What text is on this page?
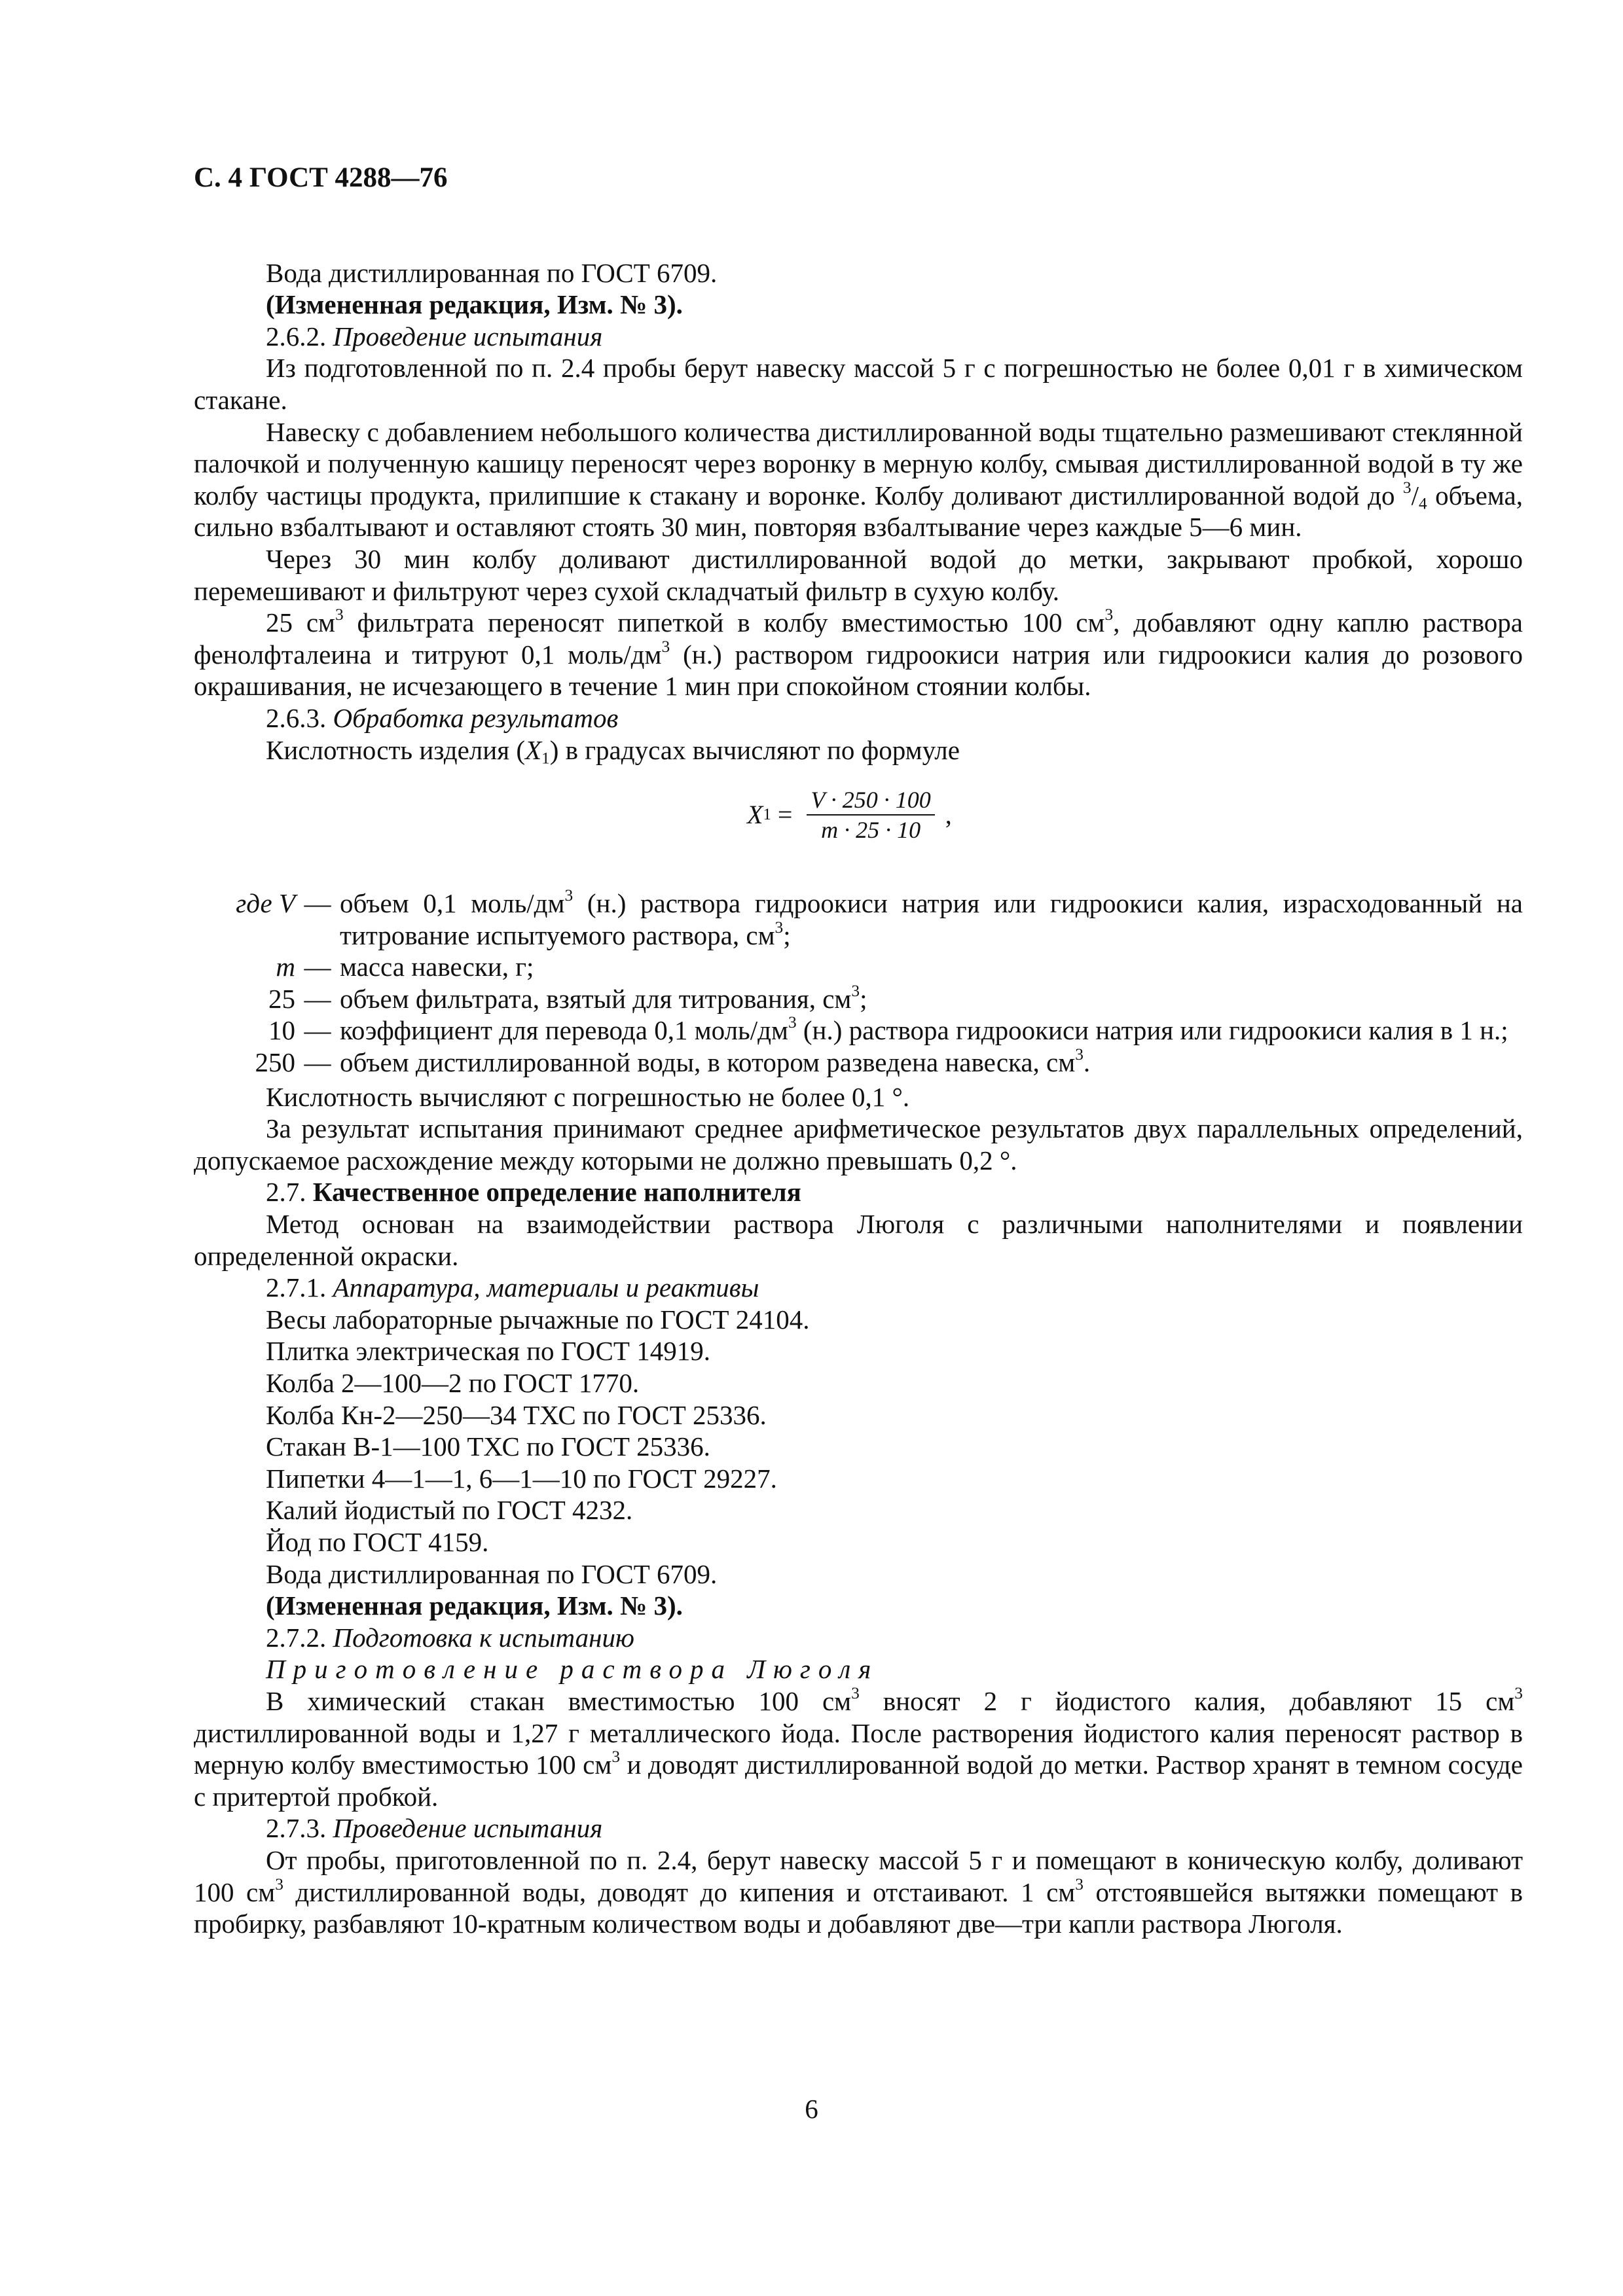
С. 4 ГОСТ 4288—76

Вода дистиллированная по ГОСТ 6709.

(Измененная редакция, Изм. № 3).

2.6.2. Проведение испытания

Из подготовленной по п. 2.4 пробы берут навеску массой 5 г с погрешностью не более 0,01 г в химическом стакане.

Навеску с добавлением небольшого количества дистиллированной воды тщательно размешивают стеклянной палочкой и полученную кашицу переносят через воронку в мерную колбу, смывая дистиллированной водой в ту же колбу частицы продукта, прилипшие к стакану и воронке. Колбу доливают дистиллированной водой до $^3/_4$ объема, сильно взбалтывают и оставляют стоять 30 мин, повторяя взбалтывание через каждые 5—6 мин.

Через 30 мин колбу доливают дистиллированной водой до метки, закрывают пробкой, хорошо перемешивают и фильтруют через сухой складчатый фильтр в сухую колбу.

25 $см^3$ фильтрата переносят пипеткой в колбу вместимостью 100 $см^3$, добавляют одну каплю раствора фенолфталеина и титруют 0,1 моль/$дм^3$ (н.) раствором гидроокиси натрия или гидроокиси калия до розового окрашивания, не исчезающего в течение 1 мин при спокойном стоянии колбы.

2.6.3. Обработка результатов

Кислотность изделия $(X_1)$ в градусах вычисляют по формуле

X $1 = \frac{V \cdot 250 \cdot 100}{m \cdot 25 \cdot 10}$ ,
где V — объем 0,1 моль/$дм^3$ (н.) раствора гидроокиси натрия или гидроокиси калия, израсходованный на титрование испытуемого раствора, $см^3$;
m — масса навески, г;
25 — объем фильтрата, взятый для титрования, $см^3$;
10 — коэффициент для перевода 0,1 моль/$дм^3$ (н.) раствора гидроокиси натрия или гидроокиси калия в 1 н.;
250 — объем дистиллированной воды, в котором разведена навеска, $см^3$.

Кислотность вычисляют с погрешностью не более 0,1 °.

За результат испытания принимают среднее арифметическое результатов двух параллельных определений, допускаемое расхождение между которыми не должно превышать 0,2 °.

2.7. Качественное определение наполнителя

Метод основан на взаимодействии раствора Люголя с различными наполнителями и появлении определенной окраски.

2.7.1. Аппаратура, материалы и реактивы

Весы лабораторные рычажные по ГОСТ 24104.

Плитка электрическая по ГОСТ 14919.

Колба 2—100—2 по ГОСТ 1770.

Колба Кн-2—250—34 ТХС по ГОСТ 25336.

Стакан В-1—100 ТХС по ГОСТ 25336.

Пипетки 4—1—1, 6—1—10 по ГОСТ 29227.

Калий йодистый по ГОСТ 4232.

Йод по ГОСТ 4159.

Вода дистиллированная по ГОСТ 6709.

(Измененная редакция, Изм. № 3).

2.7.2. Подготовка к испытанию

Приготовление раствора Люголя

В химический стакан вместимостью 100 $см^3$ вносят 2 г йодистого калия, добавляют 15 $см^3$ дистиллированной воды и 1,27 г металлического йода. После растворения йодистого калия переносят раствор в мерную колбу вместимостью 100 $см^3$ и доводят дистиллированной водой до метки. Раствор хранят в темном сосуде с притертой пробкой.

2.7.3. Проведение испытания

От пробы, приготовленной по п. 2.4, берут навеску массой 5 г и помещают в коническую колбу, доливают 100 $см^3$ дистиллированной воды, доводят до кипения и отстаивают. 1 $см^3$ отстоявшейся вытяжки помещают в пробирку, разбавляют 10-кратным количеством воды и добавляют две—три капли раствора Люголя.

6
